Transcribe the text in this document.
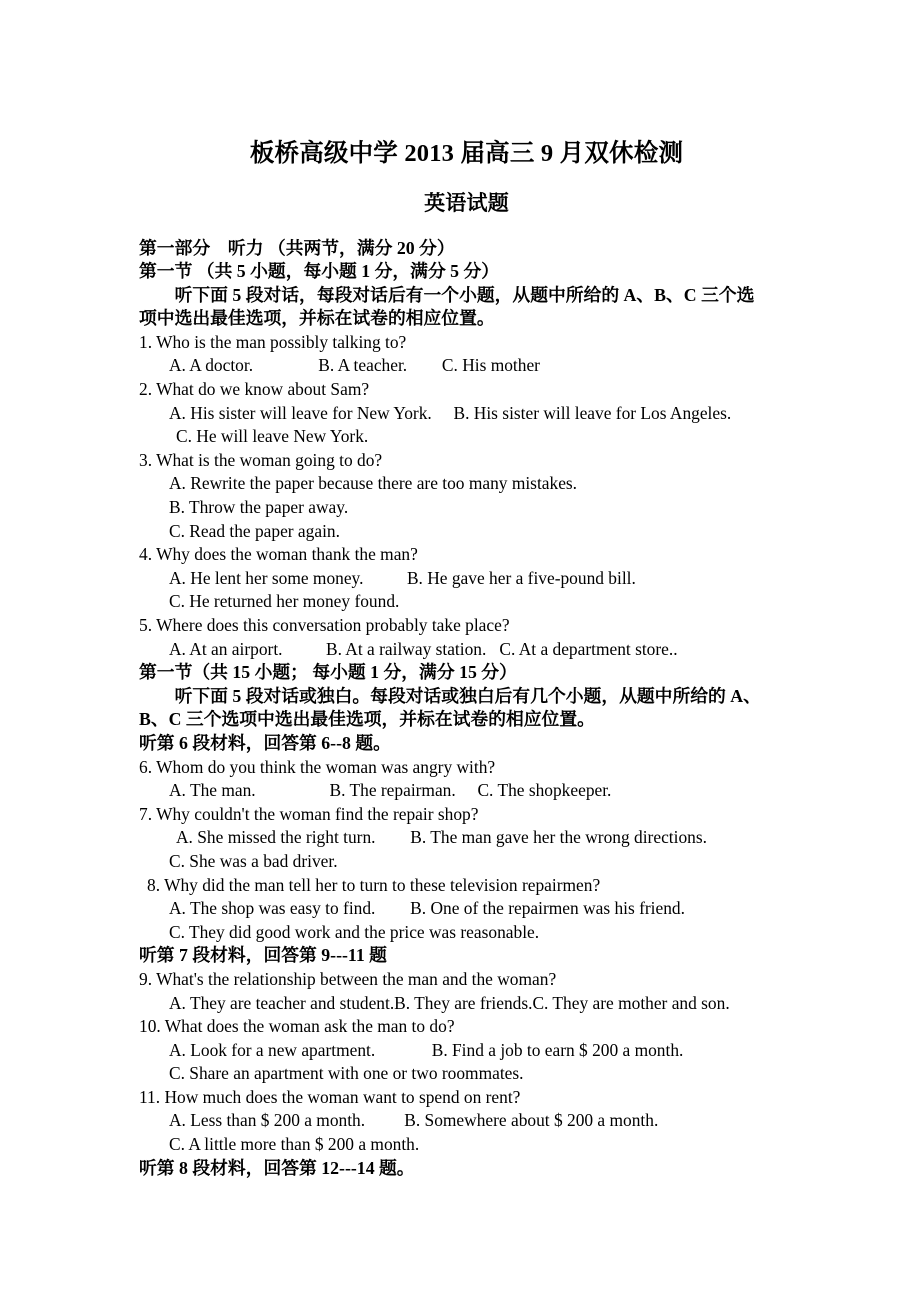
板桥高级中学 2013 届高三 9 月双休检测
英语试题

第一部分　听力 （共两节，满分 20 分）

第一节 （共 5 小题，每小题 1 分，满分 5 分）

　　听下面 5 段对话，每段对话后有一个小题，从题中所给的 A、B、C 三个选

项中选出最佳选项，并标在试卷的相应位置。

1. Who is the man possibly talking to?

A. A doctor.               B. A teacher.        C. His mother

2. What do we know about Sam?

A. His sister will leave for New York.     B. His sister will leave for Los Angeles.

C. He will leave New York.

3. What is the woman going to do?

A. Rewrite the paper because there are too many mistakes.

B. Throw the paper away.

C. Read the paper again.

4. Why does the woman thank the man?

A. He lent her some money.          B. He gave her a five-pound bill.

C. He returned her money found.

5. Where does this conversation probably take place?

A. At an airport.          B. At a railway station.   C. At a department store..

第一节（共 15 小题； 每小题 1 分，满分 15 分）

　　听下面 5 段对话或独白。每段对话或独白后有几个小题，从题中所给的 A、

B、C 三个选项中选出最佳选项，并标在试卷的相应位置。

听第 6 段材料，回答第 6--8 题。

6. Whom do you think the woman was angry with?

A. The man.                 B. The repairman.     C. The shopkeeper.

7. Why couldn't the woman find the repair shop?

A. She missed the right turn.        B. The man gave her the wrong directions.

C. She was a bad driver.

8. Why did the man tell her to turn to these television repairmen?

A. The shop was easy to find.        B. One of the repairmen was his friend.

C. They did good work and the price was reasonable.

听第 7 段材料，回答第 9---11 题

9. What's the relationship between the man and the woman?

A. They are teacher and student.B. They are friends.C. They are mother and son.

10. What does the woman ask the man to do?

A. Look for a new apartment.             B. Find a job to earn $ 200 a month.

C. Share an apartment with one or two roommates.

11. How much does the woman want to spend on rent?

A. Less than $ 200 a month.         B. Somewhere about $ 200 a month.

C. A little more than $ 200 a month.

听第 8 段材料，回答第 12---14 题。
